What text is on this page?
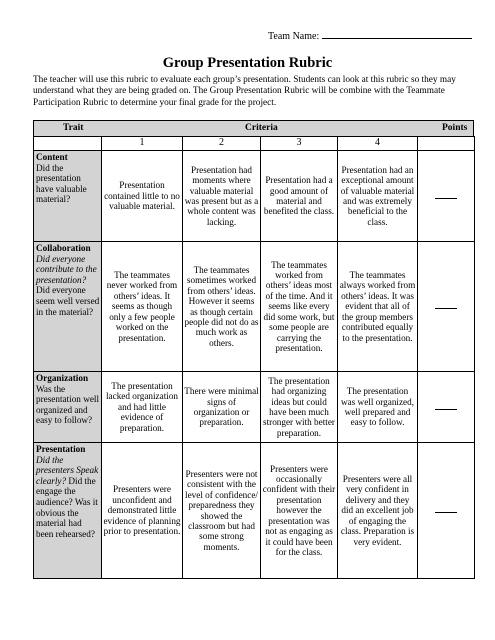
Team Name:
Group Presentation Rubric
The teacher will use this rubric to evaluate each group’s presentation. Students can look at this rubric so they may understand what they are being graded on. The Group Presentation Rubric will be combine with the Teammate Participation Rubric to determine your final grade for the project.
Trait	Criteria	Points
	1	2	3	4	

Content
Did the presentation have valuable material?	Presentation contained little to no valuable material.	Presentation had moments where valuable material was present but as a whole content was lacking.	Presentation had a good amount of material and benefited the class.	Presentation had an exceptional amount of valuable material and was extremely beneficial to the class.	

Collaboration
Did everyone contribute to the presentation? Did everyone seem well versed in the material?	The teammates never worked from others’ ideas. It seems as though only a few people worked on the presentation.	The teammates sometimes worked from others’ ideas. However it seems as though certain people did not do as much work as others.	The teammates worked from others’ ideas most of the time. And it seems like every did some work, but some people are carrying the presentation.	The teammates always worked from others’ ideas. It was evident that all of the group members contributed equally to the presentation.	

Organization
Was the presentation well organized and easy to follow?	The presentation lacked organization and had little evidence of preparation.	There were minimal signs of organization or preparation.	The presentation had organizing ideas but could have been much stronger with better preparation.	The presentation was well organized, well prepared and easy to follow.	

Presentation
Did the presenters Speak clearly? Did the engage the audience? Was it obvious the material had been rehearsed?	Presenters were unconfident and demonstrated little evidence of planning prior to presentation.	Presenters were not consistent with the level of confidence/ preparedness they showed the classroom but had some strong moments.	Presenters were occasionally confident with their presentation however the presentation was not as engaging as it could have been for the class.	Presenters were all very confident in delivery and they did an excellent job of engaging the class. Preparation is very evident.	
